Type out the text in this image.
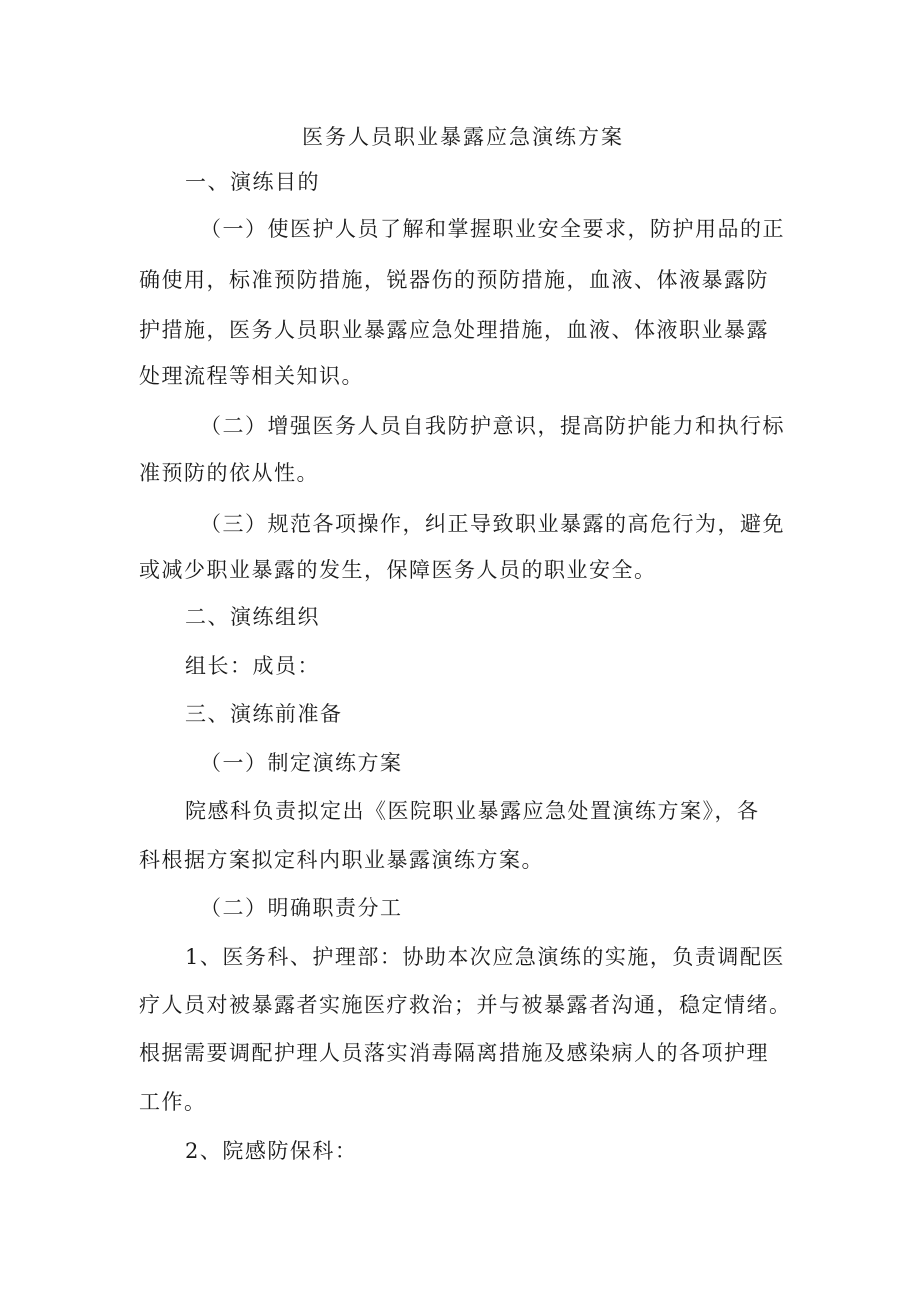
医务人员职业暴露应急演练方案
一、演练目的
（一）使医护人员了解和掌握职业安全要求，防护用品的正
确使用，标准预防措施，锐器伤的预防措施，血液、体液暴露防
护措施，医务人员职业暴露应急处理措施，血液、体液职业暴露
处理流程等相关知识。
（二）增强医务人员自我防护意识，提高防护能力和执行标
准预防的依从性。
（三）规范各项操作，纠正导致职业暴露的高危行为，避免
或减少职业暴露的发生，保障医务人员的职业安全。
二、演练组织
组长：成员：
三、演练前准备
（一）制定演练方案
院感科负责拟定出《医院职业暴露应急处置演练方案》，各
科根据方案拟定科内职业暴露演练方案。
（二）明确职责分工
1、医务科、护理部：协助本次应急演练的实施，负责调配医
疗人员对被暴露者实施医疗救治；并与被暴露者沟通，稳定情绪。
根据需要调配护理人员落实消毒隔离措施及感染病人的各项护理
工作。
2、院感防保科：
